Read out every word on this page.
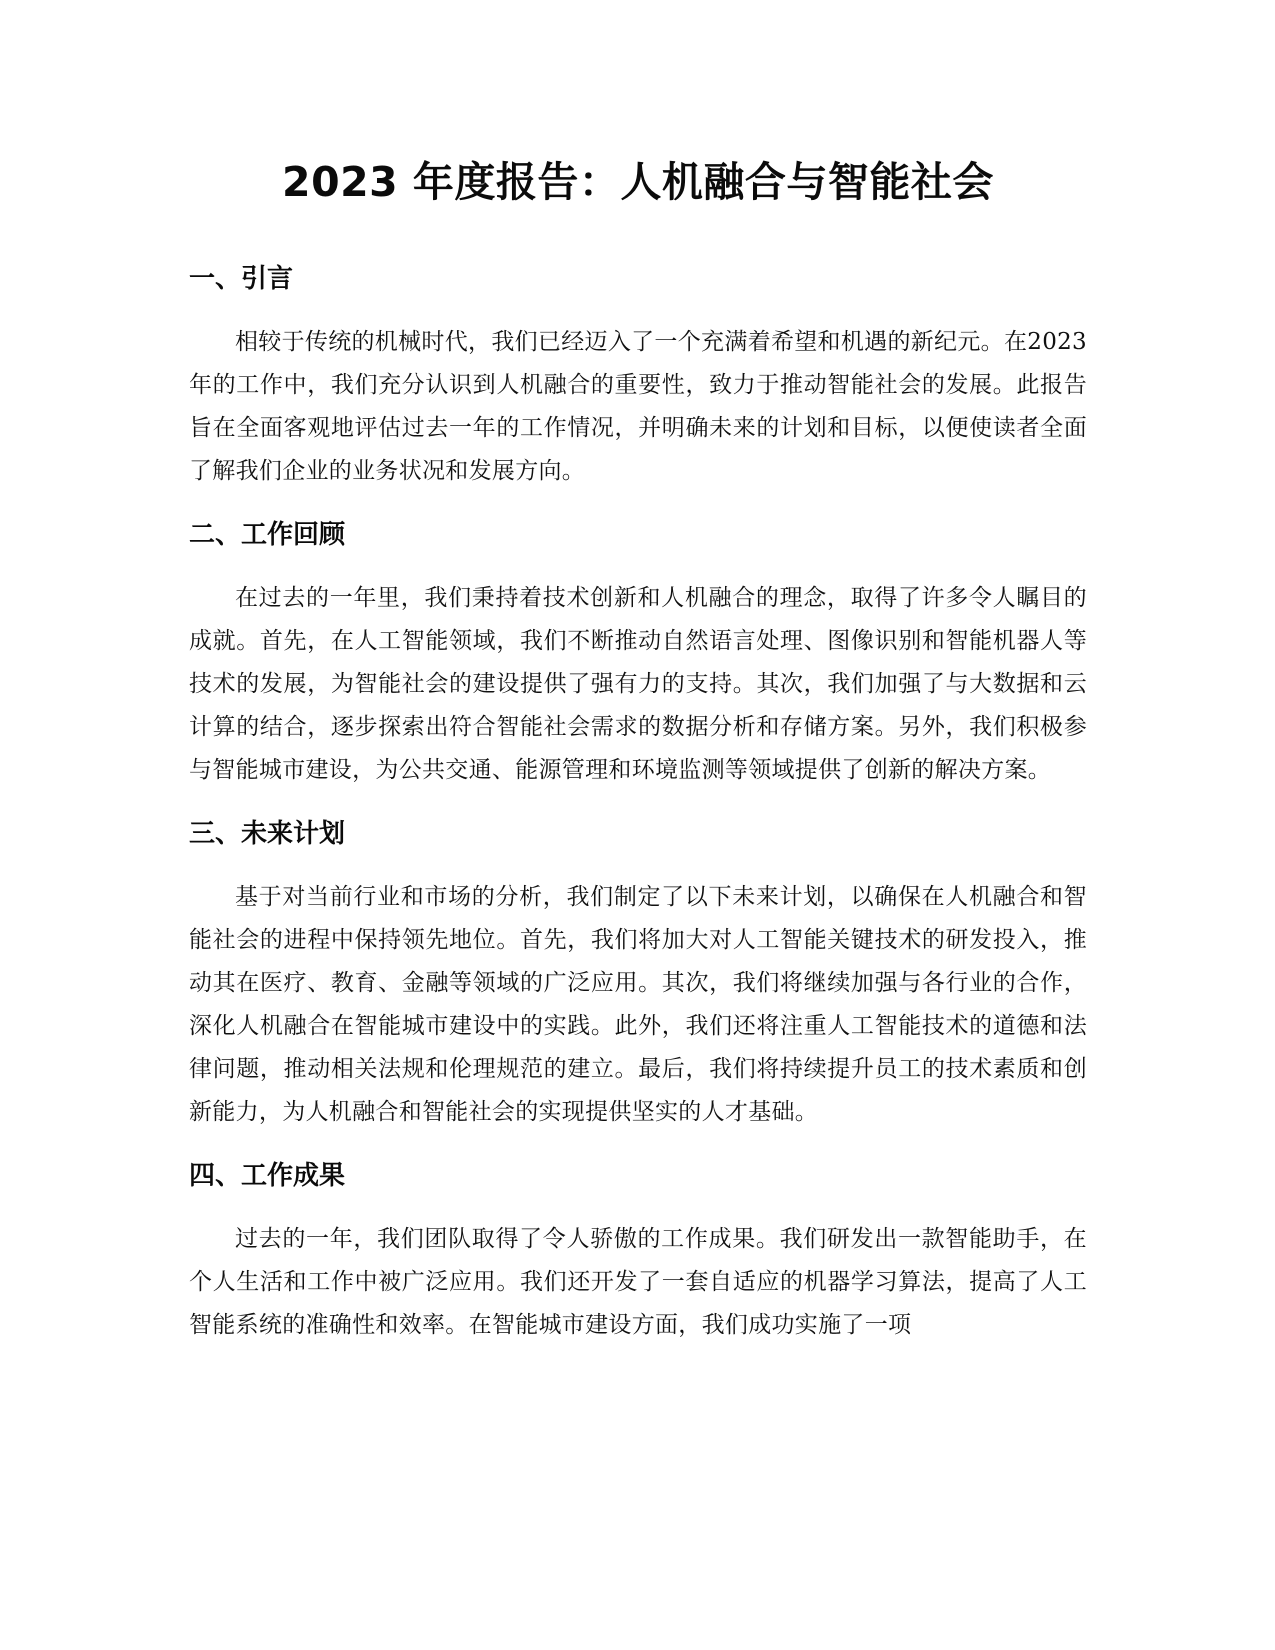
2023 年度报告：人机融合与智能社会
一、引言

相较于传统的机械时代，我们已经迈入了一个充满着希望和机遇的新纪元。在2023 年的工作中，我们充分认识到人机融合的重要性，致力于推动智能社会的发展。此报告旨在全面客观地评估过去一年的工作情况，并明确未来的计划和目标，以便使读者全面了解我们企业的业务状况和发展方向。

二、工作回顾

在过去的一年里，我们秉持着技术创新和人机融合的理念，取得了许多令人瞩目的成就。首先，在人工智能领域，我们不断推动自然语言处理、图像识别和智能机器人等技术的发展，为智能社会的建设提供了强有力的支持。其次，我们加强了与大数据和云计算的结合，逐步探索出符合智能社会需求的数据分析和存储方案。另外，我们积极参与智能城市建设，为公共交通、能源管理和环境监测等领域提供了创新的解决方案。

三、未来计划

基于对当前行业和市场的分析，我们制定了以下未来计划，以确保在人机融合和智能社会的进程中保持领先地位。首先，我们将加大对人工智能关键技术的研发投入，推动其在医疗、教育、金融等领域的广泛应用。其次，我们将继续加强与各行业的合作，深化人机融合在智能城市建设中的实践。此外，我们还将注重人工智能技术的道德和法律问题，推动相关法规和伦理规范的建立。最后，我们将持续提升员工的技术素质和创新能力，为人机融合和智能社会的实现提供坚实的人才基础。

四、工作成果

过去的一年，我们团队取得了令人骄傲的工作成果。我们研发出一款智能助手，在个人生活和工作中被广泛应用。我们还开发了一套自适应的机器学习算法，提高了人工智能系统的准确性和效率。在智能城市建设方面，我们成功实施了一项
